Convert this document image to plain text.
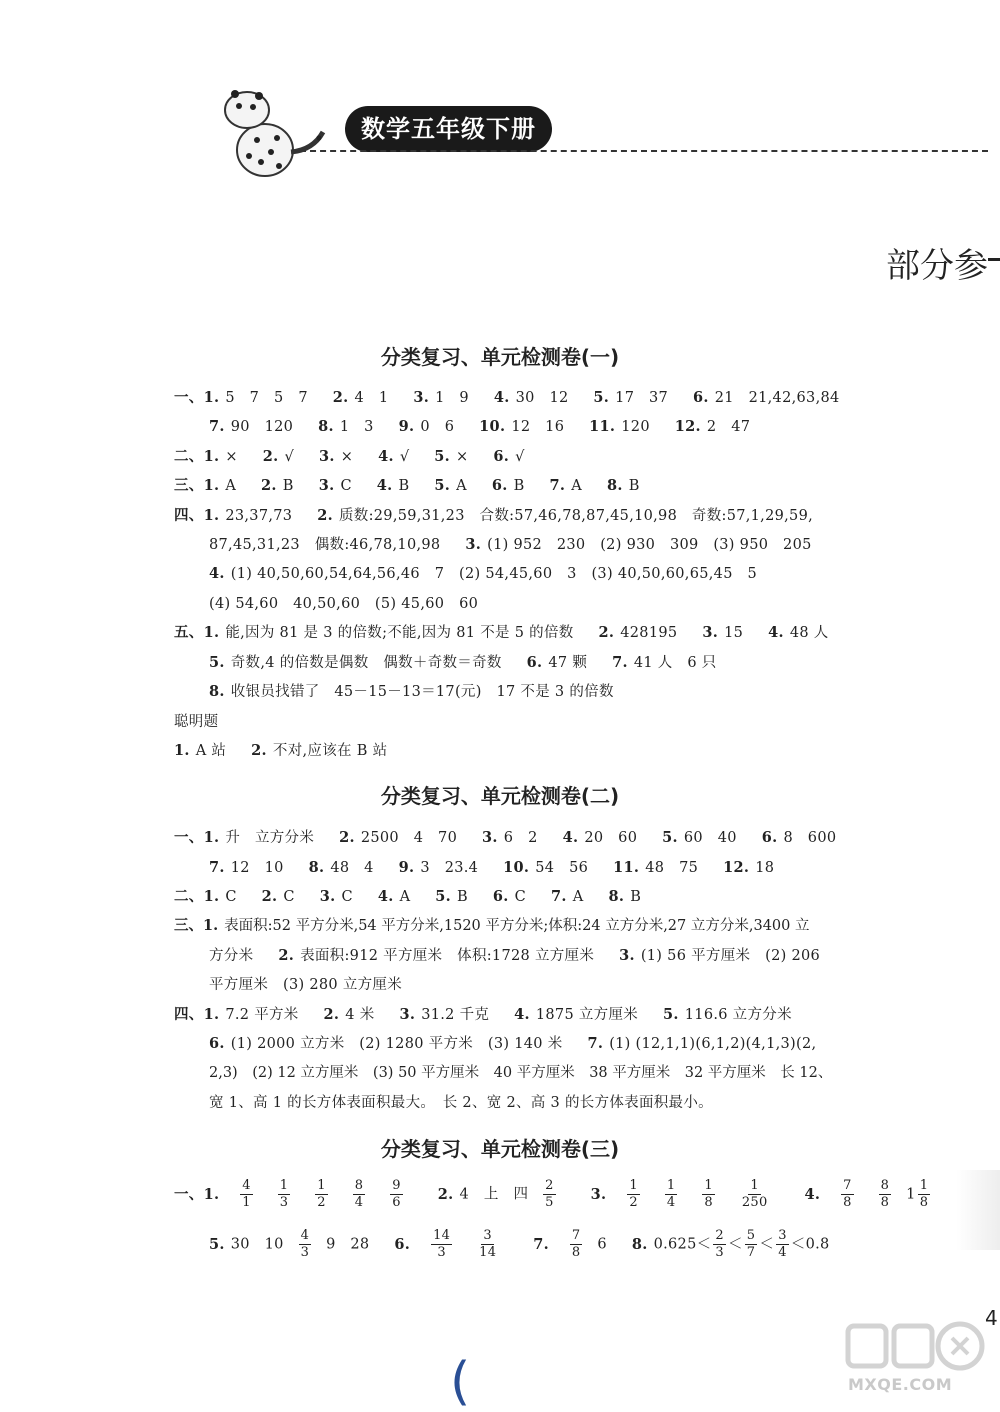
数学五年级下册
部分参
分类复习、单元检测卷(一)
一、1. 5　7　5　7 2. 4　1 3. 1　9 4. 30　12 5. 17　37 6. 21　21,42,63,84
7. 90　120 8. 1　3 9. 0　6 10. 12　16 11. 120 12. 2　47
二、1. × 2. √ 3. × 4. √ 5. × 6. √
三、1. A 2. B 3. C 4. B 5. A 6. B 7. A 8. B
四、1. 23,37,73 2. 质数:29,59,31,23　合数:57,46,78,87,45,10,98　奇数:57,1,29,59,
87,45,31,23　偶数:46,78,10,98 3. (1) 952　230　(2) 930　309　(3) 950　205
4. (1) 40,50,60,54,64,56,46　7　(2) 54,45,60　3　(3) 40,50,60,65,45　5
(4) 54,60　40,50,60　(5) 45,60　60
五、1. 能,因为 81 是 3 的倍数;不能,因为 81 不是 5 的倍数 2. 428195 3. 15 4. 48 人
5. 奇数,4 的倍数是偶数　偶数＋奇数＝奇数 6. 47 颗 7. 41 人　6 只
8. 收银员找错了　45－15－13＝17(元)　17 不是 3 的倍数
聪明题
1. A 站 2. 不对,应该在 B 站
分类复习、单元检测卷(二)
一、1. 升　立方分米 2. 2500　4　70 3. 6　2 4. 20　60 5. 60　40 6. 8　600
7. 12　10 8. 48　4 9. 3　23.4 10. 54　56 11. 48　75 12. 18
二、1. C 2. C 3. C 4. A 5. B 6. C 7. A 8. B
三、1. 表面积:52 平方分米,54 平方分米,1520 平方分米;体积:24 立方分米,27 立方分米,3400 立
方分米 2. 表面积:912 平方厘米　体积:1728 立方厘米 3. (1) 56 平方厘米　(2) 206
平方厘米　(3) 280 立方厘米
四、1. 7.2 平方米 2. 4 米 3. 31.2 千克 4. 1875 立方厘米 5. 116.6 立方分米
6. (1) 2000 立方米　(2) 1280 平方米　(3) 140 米 7. (1) (12,1,1)(6,1,2)(4,1,3)(2,
2,3)　(2) 12 立方厘米　(3) 50 平方厘米　40 平方厘米　38 平方厘米　32 平方厘米　长 12、
宽 1、高 1 的长方体表面积最大。　长 2、宽 2、高 3 的长方体表面积最小。
分类复习、单元检测卷(三)
一、1. $\frac{4}{1}$
$\frac{1}{3}$
$\frac{1}{2}$
$\frac{8}{4}$
$\frac{9}{6} 2$. 4　上　四 $\frac{2}{5} 3$. $\frac{1}{2}$
$\frac{1}{4}$
$\frac{1}{8}$
$\frac{1}{250} 4$. $\frac{7}{8}$
$\frac{8}{8} 1 \frac{1}{8}$
5. 30　$10 \frac{4}{3} 9$　28 6. $\frac{14}{3}$
$\frac{3}{14} 7$. $\frac{7}{8} 6$ 8. $0.625< \frac{2}{3} < \frac{5}{7} < \frac{3}{4} <0.8$
4
MXQE.COM
(
